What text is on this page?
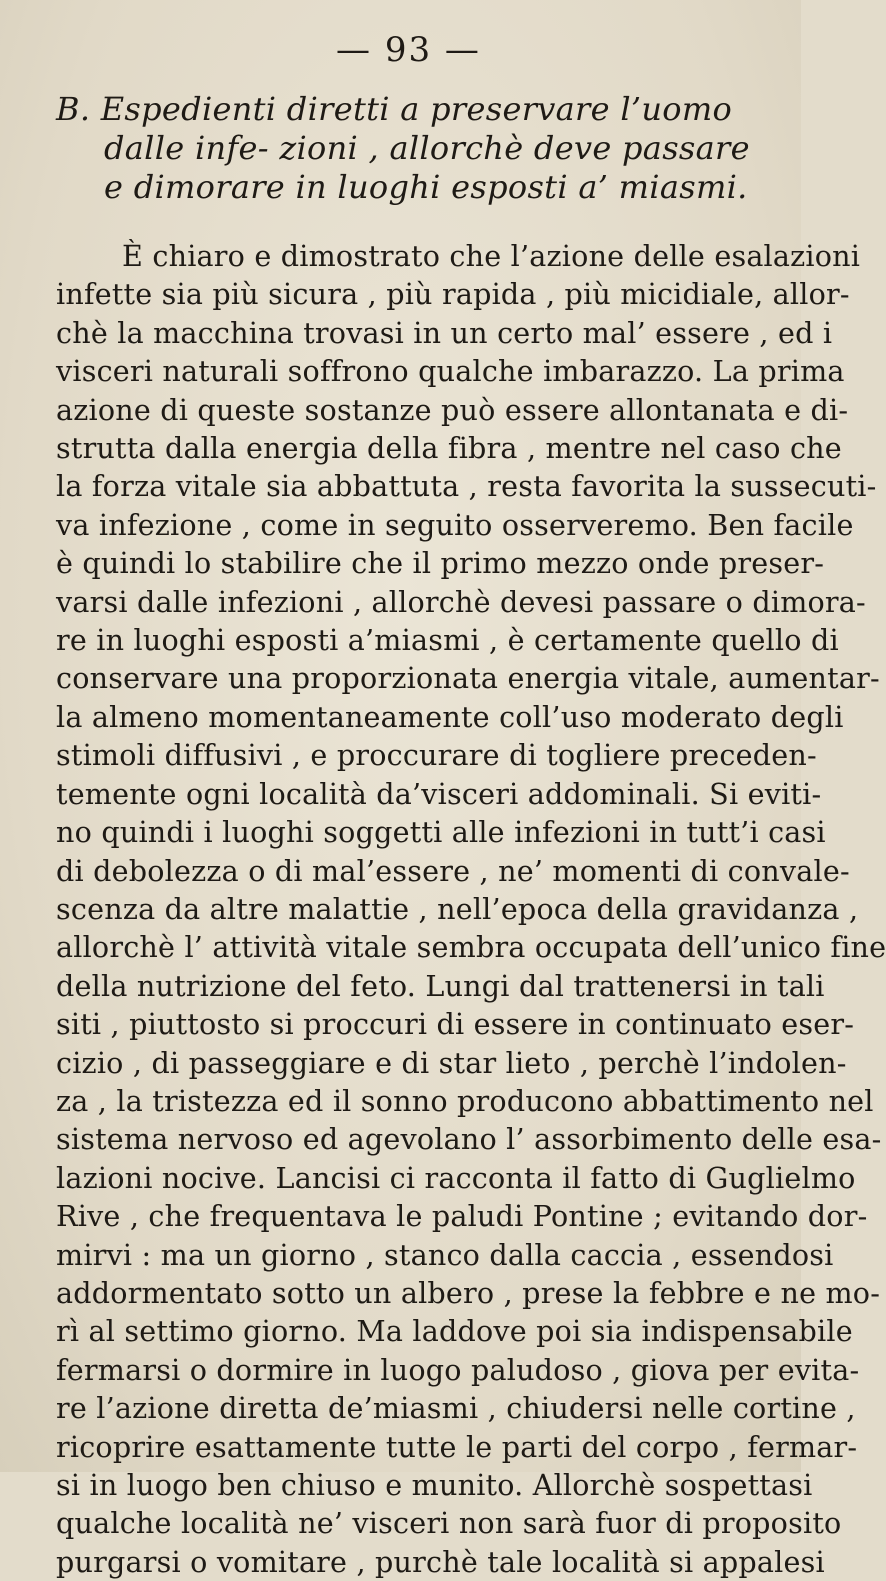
— 93 —

B. Espedienti diretti a preservare l’uomo dalle infe- zioni , allorchè deve passare e dimorare in luoghi esposti a’ miasmi.

È chiaro e dimostrato che l’azione delle esalazioni
infette sia più sicura , più rapida , più micidiale, allor-
chè la macchina trovasi in un certo mal’ essere , ed i
visceri naturali soffrono qualche imbarazzo. La prima
azione di queste sostanze può essere allontanata e di-
strutta dalla energia della fibra , mentre nel caso che
la forza vitale sia abbattuta , resta favorita la sussecuti-
va infezione , come in seguito osserveremo. Ben facile
è quindi lo stabilire che il primo mezzo onde preser-
varsi dalle infezioni , allorchè devesi passare o dimora-
re in luoghi esposti a’miasmi , è certamente quello di
conservare una proporzionata energia vitale, aumentar-
la almeno momentaneamente coll’uso moderato degli
stimoli diffusivi , e proccurare di togliere preceden-
temente ogni località da’visceri addominali. Si eviti-
no quindi i luoghi soggetti alle infezioni in tutt’i casi
di debolezza o di mal’essere , ne’ momenti di convale-
scenza da altre malattie , nell’epoca della gravidanza ,
allorchè l’ attività vitale sembra occupata dell’unico fine
della nutrizione del feto. Lungi dal trattenersi in tali
siti , piuttosto si proccuri di essere in continuato eser-
cizio , di passeggiare e di star lieto , perchè l’indolen-
za , la tristezza ed il sonno producono abbattimento nel
sistema nervoso ed agevolano l’ assorbimento delle esa-
lazioni nocive. Lancisi ci racconta il fatto di Guglielmo
Rive , che frequentava le paludi Pontine ; evitando dor-
mirvi : ma un giorno , stanco dalla caccia , essendosi
addormentato sotto un albero , prese la febbre e ne mo-
rì al settimo giorno. Ma laddove poi sia indispensabile
fermarsi o dormire in luogo paludoso , giova per evita-
re l’azione diretta de’miasmi , chiudersi nelle cortine ,
ricoprire esattamente tutte le parti del corpo , fermar-
si in luogo ben chiuso e munito. Allorchè sospettasi
qualche località ne’ visceri non sarà fuor di proposito
purgarsi o vomitare , purchè tale località si appalesi
